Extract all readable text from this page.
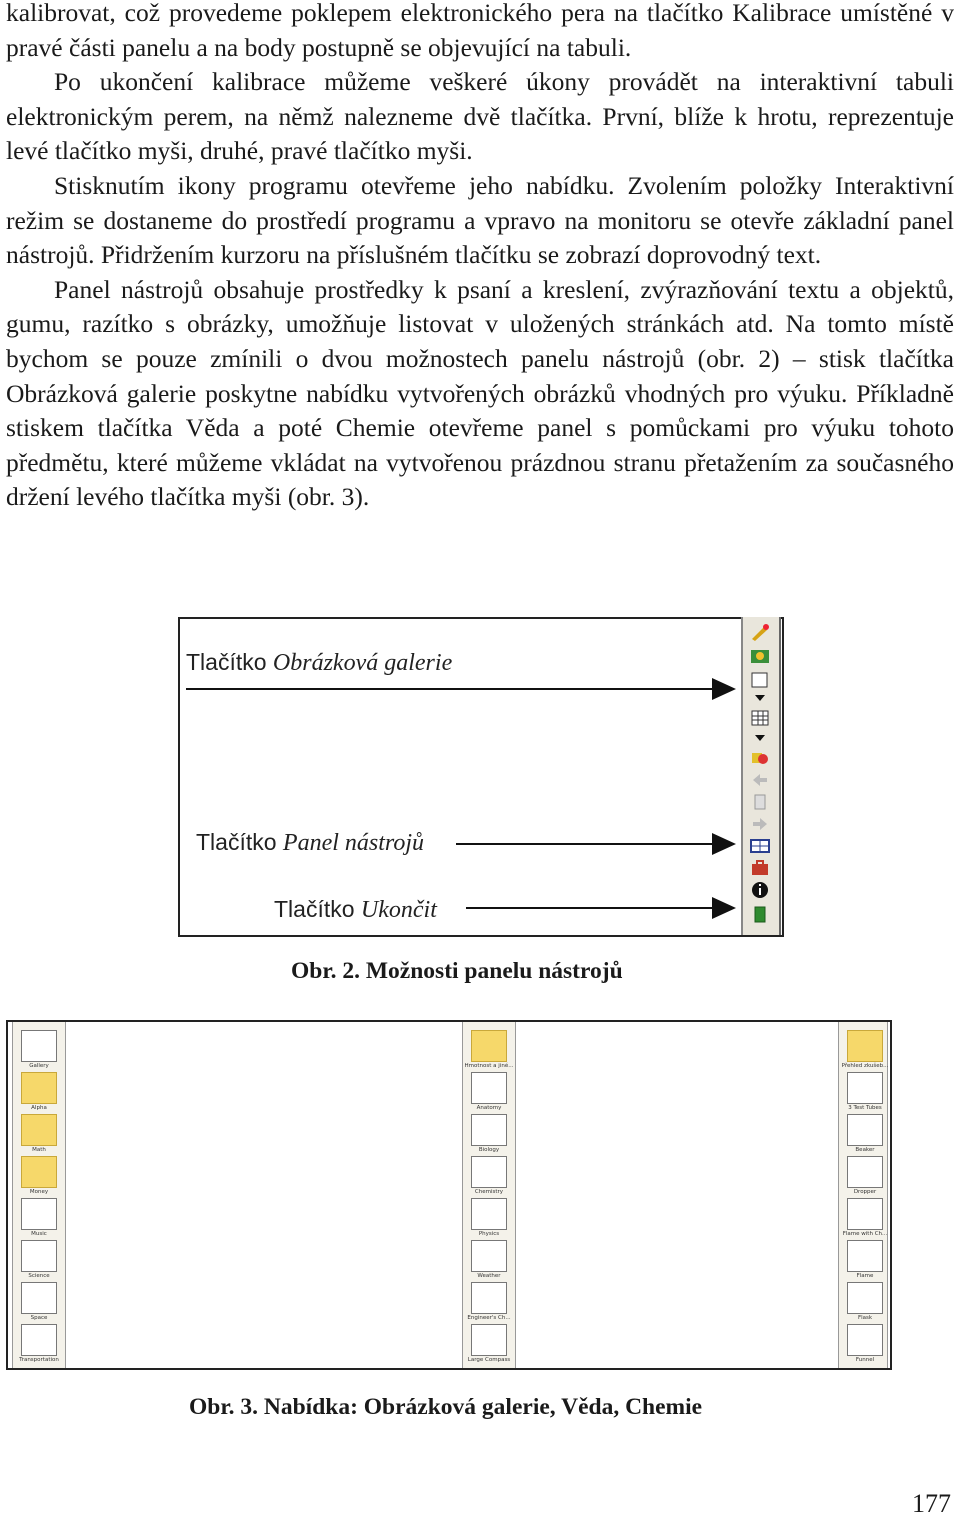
kalibrovat, což provedeme poklepem elektronického pera na tlačítko Kalibrace umístěné v pravé části panelu a na body postupně se objevující na tabuli.
Po ukončení kalibrace můžeme veškeré úkony provádět na interaktivní tabuli elektronickým perem, na němž nalezneme dvě tlačítka. První, blíže k hrotu, reprezentuje levé tlačítko myši, druhé, pravé tlačítko myši.
Stisknutím ikony programu otevřeme jeho nabídku. Zvolením položky Interaktivní režim se dostaneme do prostředí programu a vpravo na monitoru se otevře základní panel nástrojů. Přidržením kurzoru na příslušném tlačítku se zobrazí doprovodný text.
Panel nástrojů obsahuje prostředky k psaní a kreslení, zvýrazňování textu a objektů, gumu, razítko s obrázky, umožňuje listovat v uložených stránkách atd. Na tomto místě bychom se pouze zmínili o dvou možnostech panelu nástrojů (obr. 2) – stisk tlačítka Obrázková galerie poskytne nabídku vytvořených obrázků vhodných pro výuku. Příkladně stiskem tlačítka Věda a poté Chemie otevřeme panel s pomůckami pro výuku tohoto předmětu, které můžeme vkládat na vytvořenou prázdnou stranu přetažením za současného držení levého tlačítka myši (obr. 3).

Tlačítko Obrázková galerie
Tlačítko Panel nástrojů
Tlačítko Ukončit
Obr. 2. Možnosti panelu nástrojů
Gallery
Alpha
Math
Money
Music
Science
Space
Transportation
Hmotnost a jiné...
Anatomy
Biology
Chemistry
Physics
Weather
Engineer's Ch...
Large Compass
Přehled zkušeb...
3 Test Tubes
Beaker
Dropper
Flame with Ch...
Flame
Flask
Funnel
Obr. 3. Nabídka: Obrázková galerie, Věda, Chemie
177
